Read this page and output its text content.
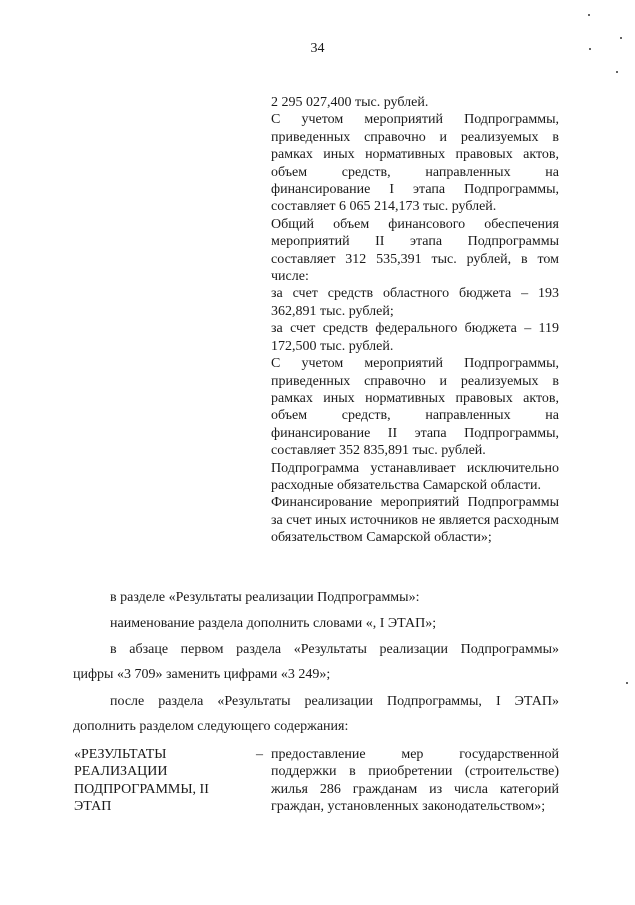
34

2 295 027,400 тыс. рублей.

С учетом мероприятий Подпрограммы, приведенных справочно и реализуемых в рамках иных нормативных правовых актов, объем средств, направленных на финансирование I этапа Подпрограммы, составляет 6 065 214,173 тыс. рублей.

Общий объем финансового обеспечения мероприятий II этапа Подпрограммы составляет 312 535,391 тыс. рублей, в том числе:

за счет средств областного бюджета – 193 362,891 тыс. рублей;

за счет средств федерального бюджета – 119 172,500 тыс. рублей.

С учетом мероприятий Подпрограммы, приведенных справочно и реализуемых в рамках иных нормативных правовых актов, объем средств, направленных на финансирование II этапа Подпрограммы, составляет 352 835,891 тыс. рублей.

Подпрограмма устанавливает исключительно расходные обязательства Самарской области.

Финансирование мероприятий Подпрограммы за счет иных источников не является расходным обязательством Самарской области»;

в разделе «Результаты реализации Подпрограммы»:
наименование раздела дополнить словами «, I ЭТАП»;
в абзаце первом раздела «Результаты реализации Подпрограммы»
цифры «3 709» заменить цифрами «3 249»;
после раздела «Результаты реализации Подпрограммы, I ЭТАП»
дополнить разделом следующего содержания:
«РЕЗУЛЬТАТЫ РЕАЛИЗАЦИИ ПОДПРОГРАММЫ, II ЭТАП
– предоставление мер государственной поддержки в приобретении (строительстве) жилья 286 гражданам из числа категорий граждан, установленных законодательством»;
